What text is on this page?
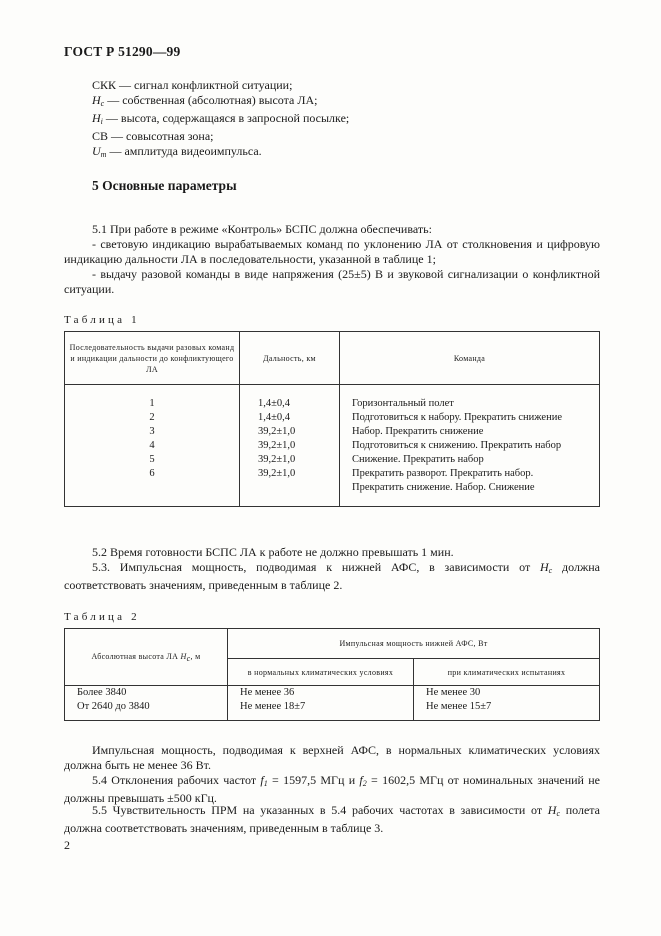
ГОСТ Р 51290—99
СКК — сигнал конфликтной ситуации;
$H_c$ — собственная (абсолютная) высота ЛА;
$H_i$ — высота, содержащаяся в запросной посылке;
СВ — совысотная зона;
$U_m$ — амплитуда видеоимпульса.
5 Основные параметры
5.1 При работе в режиме «Контроль» БСПС должна обеспечивать:
- световую индикацию вырабатываемых команд по уклонению ЛА от столкновения и цифровую индикацию дальности ЛА в последовательности, указанной в таблице 1;
- выдачу разовой команды в виде напряжения (25±5) В и звуковой сигнализации о конфликтной ситуации.
Таблица 1
Последовательность выдачи разовых команд и индикации дальности до конфликтующего ЛА	Дальность, км	Команда

1	1,4±0,4	Горизонтальный полет
2	1,4±0,4	Подготовиться к набору. Прекратить снижение
3	39,2±1,0	Набор. Прекратить снижение
4	39,2±1,0	Подготовиться к снижению. Прекратить набор
5	39,2±1,0	Снижение. Прекратить набор
6	39,2±1,0	Прекратить разворот. Прекратить набор.
		Прекратить снижение. Набор. Снижение

5.2 Время готовности БСПС ЛА к работе не должно превышать 1 мин.
5.3. Импульсная мощность, подводимая к нижней АФС, в зависимости от $H_c$ должна соответствовать значениям, приведенным в таблице 2.
Таблица 2
Абсолютная высота ЛА Hc, м	Импульсная мощность нижней АФС, Вт	
	в нормальных климатических условиях	при климатических испытаниях
Более 3840	Не менее 36	Не менее 30
От 2640 до 3840	Не менее 18±7	Не менее 15±7

Импульсная мощность, подводимая к верхней АФС, в нормальных климатических условиях должна быть не менее 36 Вт.
5.4 Отклонения рабочих частот $f_1 = 1597,5$ МГц и $f_2 = 1602,5$ МГц от номинальных значений не должны превышать ±500 кГц.
5.5 Чувствительность ПРМ на указанных в 5.4 рабочих частотах в зависимости от $H_c$ полета должна соответствовать значениям, приведенным в таблице 3.
2
